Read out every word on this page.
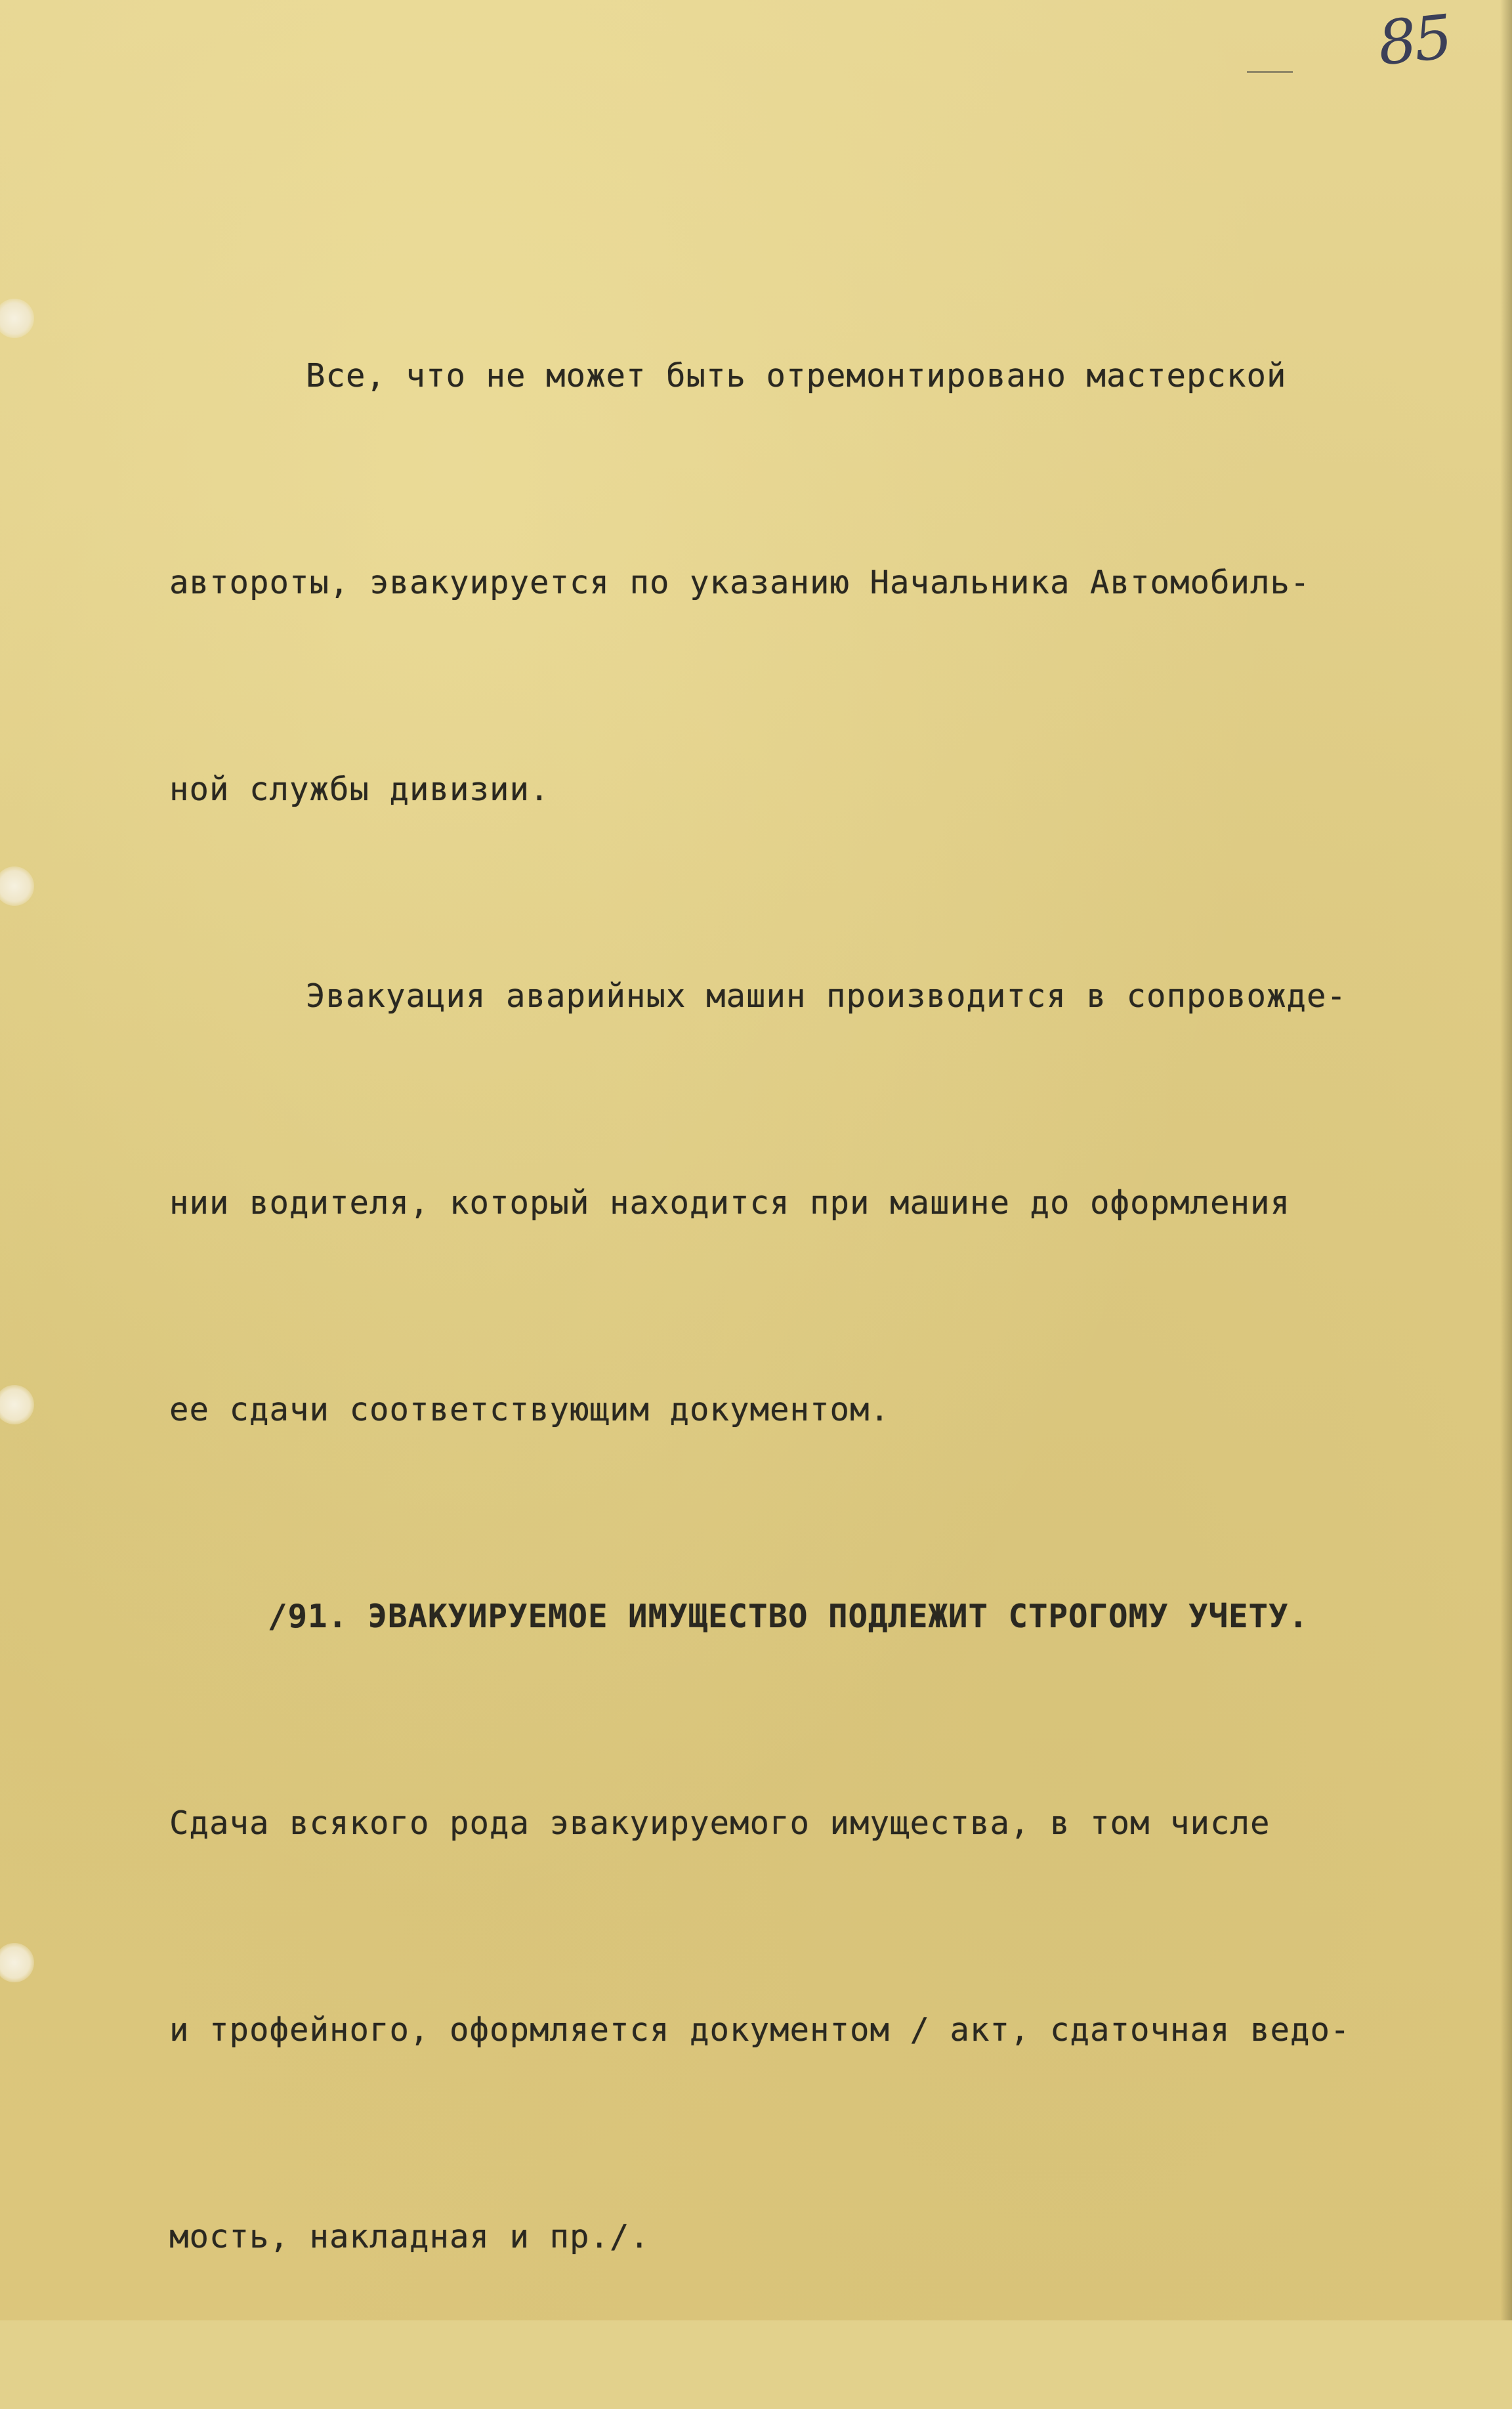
85

Все, что не может быть отремонтировано мастерской

автороты, эвакуируется по указанию Начальника Автомобиль-

ной службы дивизии.

Эвакуация аварийных машин производится в сопровожде-

нии водителя, который находится при машине до оформления

ее сдачи соответствующим документом.

/91. ЭВАКУИРУЕМОЕ ИМУЩЕСТВО ПОДЛЕЖИТ СТРОГОМУ УЧЕТУ.

Сдача всякого рода эвакуируемого имущества, в том числе

и трофейного, оформляется документом / акт, сдаточная ведо-

мость, накладная и пр./.
